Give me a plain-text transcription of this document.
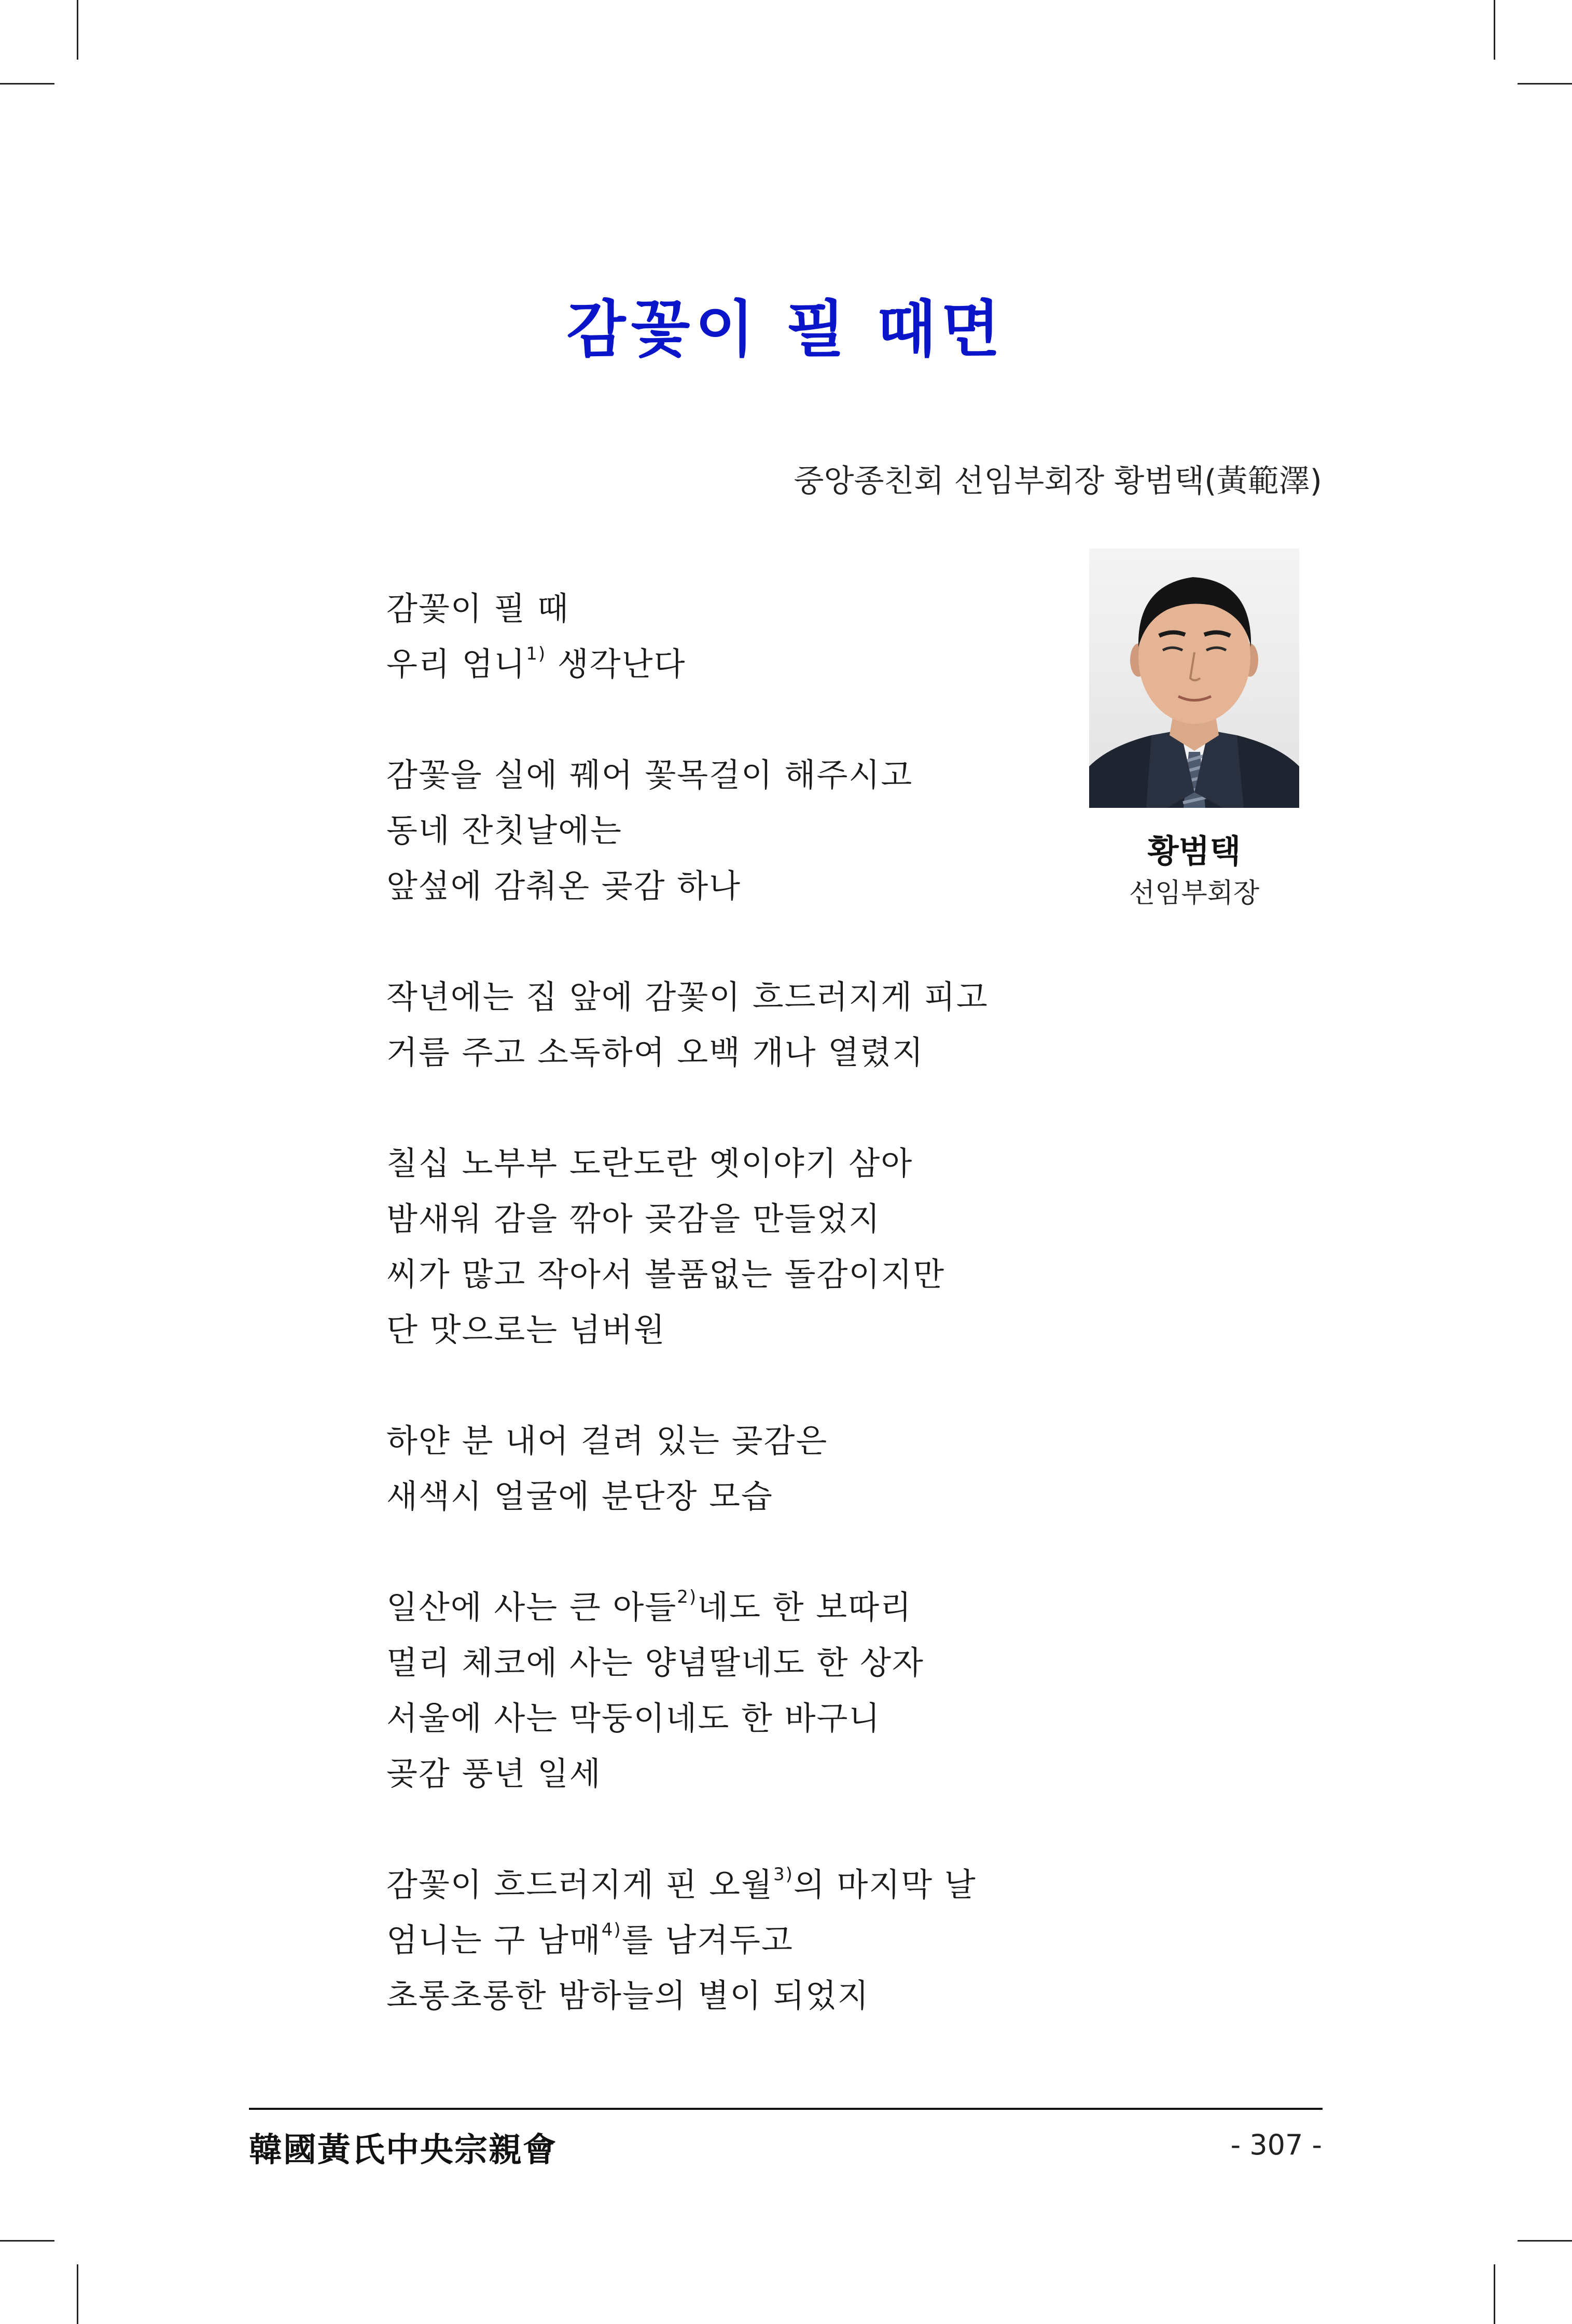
감꽃이 필 때면
중앙종친회 선임부회장 황범택(黃範澤)
감꽃이 필 때
우리 엄니$^{1)}$ 생각난다
감꽃을 실에 꿰어 꽃목걸이 해주시고
동네 잔칫날에는
앞섶에 감춰온 곶감 하나
작년에는 집 앞에 감꽃이 흐드러지게 피고
거름 주고 소독하여 오백 개나 열렸지
칠십 노부부 도란도란 옛이야기 삼아
밤새워 감을 깎아 곶감을 만들었지
씨가 많고 작아서 볼품없는 돌감이지만
단 맛으로는 넘버원
하얀 분 내어 걸려 있는 곶감은
새색시 얼굴에 분단장 모습
일산에 사는 큰 아들$^{2)}$네도 한 보따리
멀리 체코에 사는 양념딸네도 한 상자
서울에 사는 막둥이네도 한 바구니
곶감 풍년 일세
감꽃이 흐드러지게 핀 오월$^{3)}$의 마지막 날
엄니는 구 남매$^{4)}$를 남겨두고
초롱초롱한 밤하늘의 별이 되었지
황범택
선임부회장
韓國黃氏中央宗親會	- 307 -
